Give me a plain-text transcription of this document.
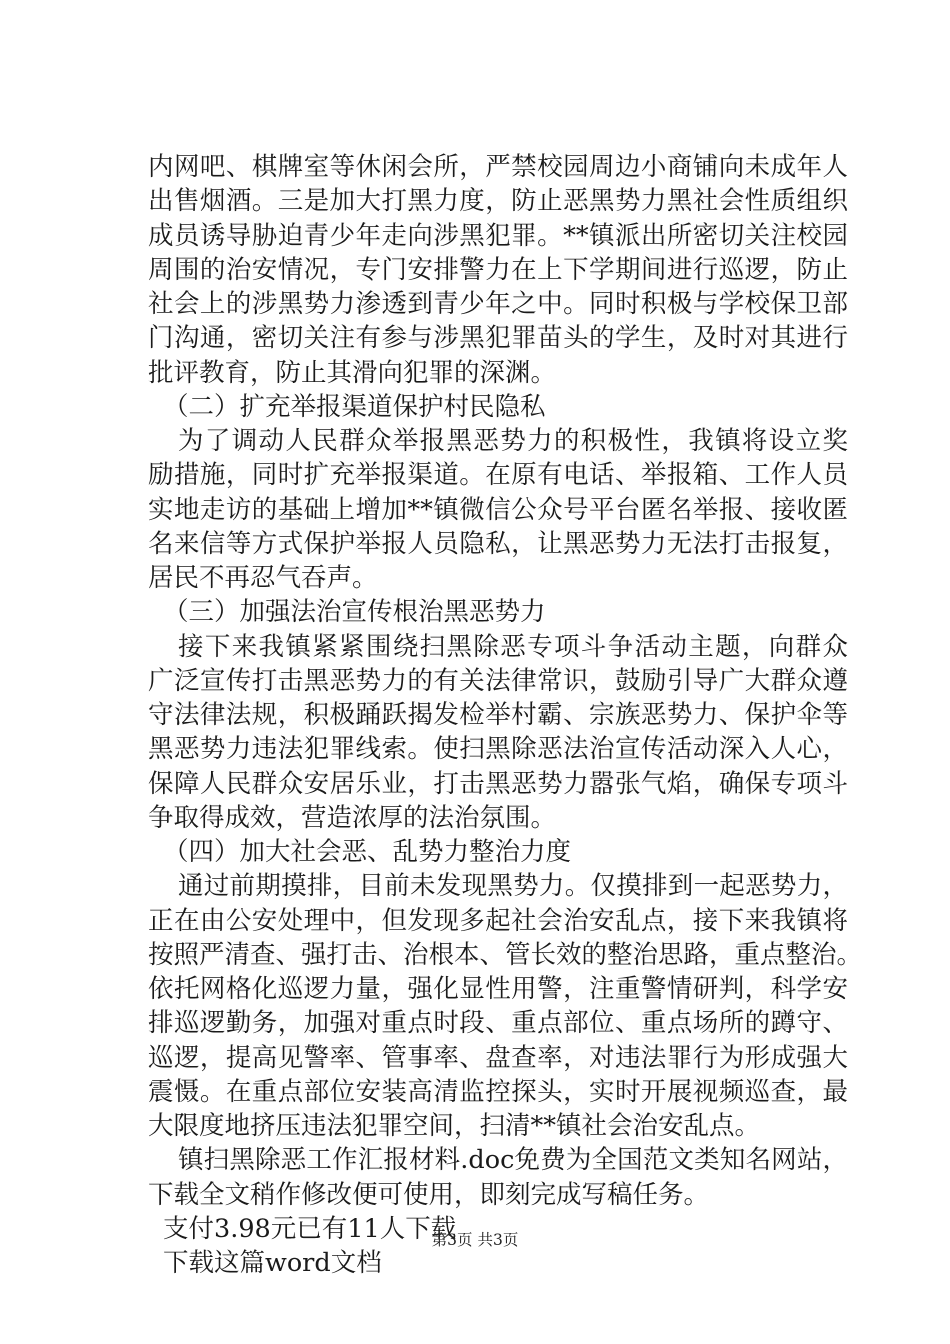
内网吧、棋牌室等休闲会所，严禁校园周边小商铺向未成年人
出售烟酒。三是加大打黑力度，防止恶黑势力黑社会性质组织
成员诱导胁迫青少年走向涉黑犯罪。**镇派出所密切关注校园
周围的治安情况，专门安排警力在上下学期间进行巡逻，防止
社会上的涉黑势力渗透到青少年之中。同时积极与学校保卫部
门沟通，密切关注有参与涉黑犯罪苗头的学生，及时对其进行
批评教育，防止其滑向犯罪的深渊。
（二）扩充举报渠道保护村民隐私
为了调动人民群众举报黑恶势力的积极性，我镇将设立奖
励措施，同时扩充举报渠道。在原有电话、举报箱、工作人员
实地走访的基础上增加**镇微信公众号平台匿名举报、接收匿
名来信等方式保护举报人员隐私，让黑恶势力无法打击报复，
居民不再忍气吞声。
（三）加强法治宣传根治黑恶势力
接下来我镇紧紧围绕扫黑除恶专项斗争活动主题，向群众
广泛宣传打击黑恶势力的有关法律常识，鼓励引导广大群众遵
守法律法规，积极踊跃揭发检举村霸、宗族恶势力、保护伞等
黑恶势力违法犯罪线索。使扫黑除恶法治宣传活动深入人心，
保障人民群众安居乐业，打击黑恶势力嚣张气焰，确保专项斗
争取得成效，营造浓厚的法治氛围。
（四）加大社会恶、乱势力整治力度
通过前期摸排，目前未发现黑势力。仅摸排到一起恶势力，
正在由公安处理中，但发现多起社会治安乱点，接下来我镇将
按照严清查、强打击、治根本、管长效的整治思路，重点整治。
依托网格化巡逻力量，强化显性用警，注重警情研判，科学安
排巡逻勤务，加强对重点时段、重点部位、重点场所的蹲守、
巡逻，提高见警率、管事率、盘查率，对违法罪行为形成强大
震慑。在重点部位安装高清监控探头，实时开展视频巡查，最
大限度地挤压违法犯罪空间，扫清**镇社会治安乱点。
镇扫黑除恶工作汇报材料.doc免费为全国范文类知名网站，
下载全文稍作修改便可使用，即刻完成写稿任务。
支付3.98元已有11人下载
下载这篇word文档
第3页 共3页
